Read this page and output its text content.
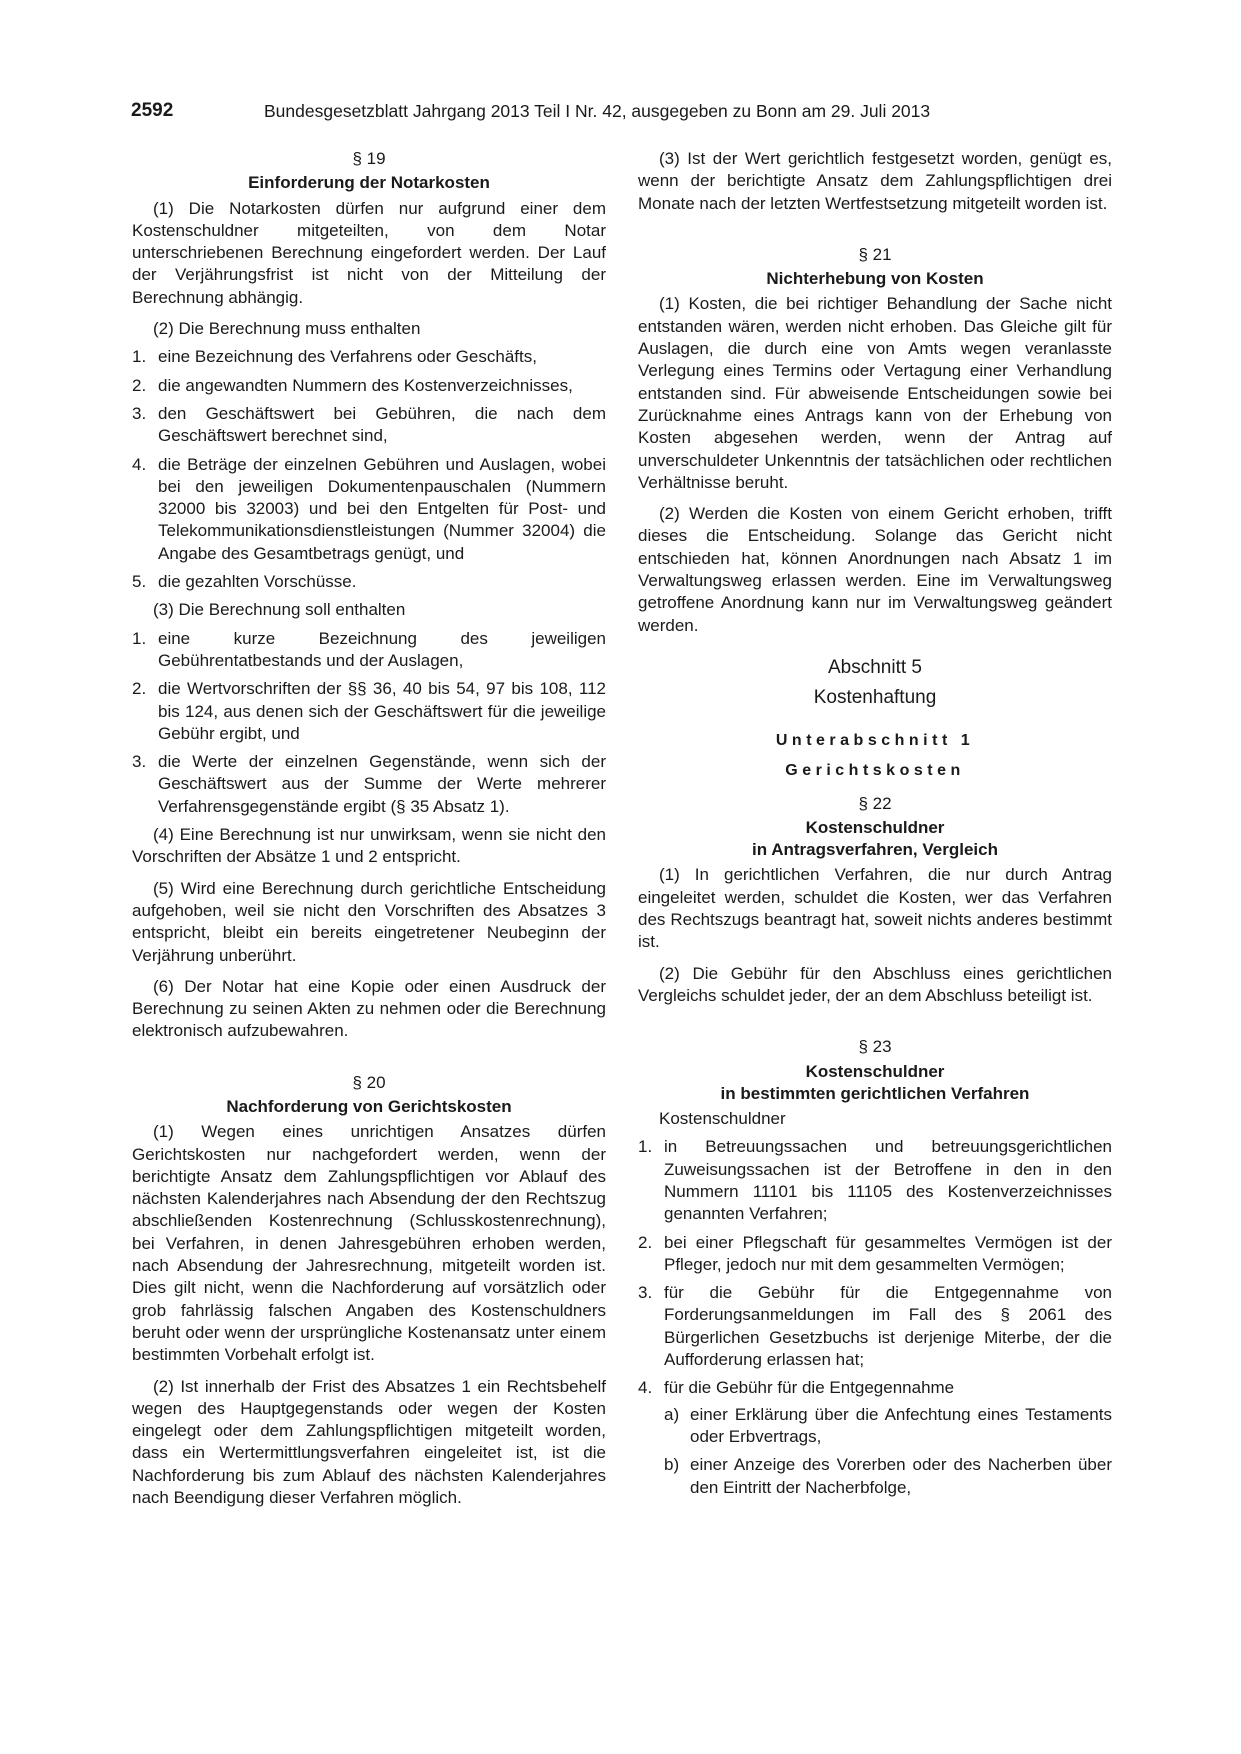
2592	Bundesgesetzblatt Jahrgang 2013 Teil I Nr. 42, ausgegeben zu Bonn am 29. Juli 2013

§ 19

Einforderung der Notarkosten

(1) Die Notarkosten dürfen nur aufgrund einer dem Kostenschuldner mitgeteilten, von dem Notar unterschriebenen Berechnung eingefordert werden. Der Lauf der Verjährungsfrist ist nicht von der Mitteilung der Berechnung abhängig.

(2) Die Berechnung muss enthalten

1. eine Bezeichnung des Verfahrens oder Geschäfts,
2. die angewandten Nummern des Kostenverzeichnisses,
3. den Geschäftswert bei Gebühren, die nach dem Geschäftswert berechnet sind,
4. die Beträge der einzelnen Gebühren und Auslagen, wobei bei den jeweiligen Dokumentenpauschalen (Nummern 32000 bis 32003) und bei den Entgelten für Post- und Telekommunikationsdienstleistungen (Nummer 32004) die Angabe des Gesamtbetrags genügt, und
5. die gezahlten Vorschüsse.

(3) Die Berechnung soll enthalten

1. eine kurze Bezeichnung des jeweiligen Gebührentatbestands und der Auslagen,
2. die Wertvorschriften der §§ 36, 40 bis 54, 97 bis 108, 112 bis 124, aus denen sich der Geschäftswert für die jeweilige Gebühr ergibt, und
3. die Werte der einzelnen Gegenstände, wenn sich der Geschäftswert aus der Summe der Werte mehrerer Verfahrensgegenstände ergibt (§ 35 Absatz 1).

(4) Eine Berechnung ist nur unwirksam, wenn sie nicht den Vorschriften der Absätze 1 und 2 entspricht.

(5) Wird eine Berechnung durch gerichtliche Entscheidung aufgehoben, weil sie nicht den Vorschriften des Absatzes 3 entspricht, bleibt ein bereits eingetretener Neubeginn der Verjährung unberührt.

(6) Der Notar hat eine Kopie oder einen Ausdruck der Berechnung zu seinen Akten zu nehmen oder die Berechnung elektronisch aufzubewahren.

§ 20

Nachforderung von Gerichtskosten

(1) Wegen eines unrichtigen Ansatzes dürfen Gerichtskosten nur nachgefordert werden, wenn der berichtigte Ansatz dem Zahlungspflichtigen vor Ablauf des nächsten Kalenderjahres nach Absendung der den Rechtszug abschließenden Kostenrechnung (Schlusskostenrechnung), bei Verfahren, in denen Jahresgebühren erhoben werden, nach Absendung der Jahresrechnung, mitgeteilt worden ist. Dies gilt nicht, wenn die Nachforderung auf vorsätzlich oder grob fahrlässig falschen Angaben des Kostenschuldners beruht oder wenn der ursprüngliche Kostenansatz unter einem bestimmten Vorbehalt erfolgt ist.

(2) Ist innerhalb der Frist des Absatzes 1 ein Rechtsbehelf wegen des Hauptgegenstands oder wegen der Kosten eingelegt oder dem Zahlungspflichtigen mitgeteilt worden, dass ein Wertermittlungsverfahren eingeleitet ist, ist die Nachforderung bis zum Ablauf des nächsten Kalenderjahres nach Beendigung dieser Verfahren möglich.

(3) Ist der Wert gerichtlich festgesetzt worden, genügt es, wenn der berichtigte Ansatz dem Zahlungspflichtigen drei Monate nach der letzten Wertfestsetzung mitgeteilt worden ist.

§ 21

Nichterhebung von Kosten

(1) Kosten, die bei richtiger Behandlung der Sache nicht entstanden wären, werden nicht erhoben. Das Gleiche gilt für Auslagen, die durch eine von Amts wegen veranlasste Verlegung eines Termins oder Vertagung einer Verhandlung entstanden sind. Für abweisende Entscheidungen sowie bei Zurücknahme eines Antrags kann von der Erhebung von Kosten abgesehen werden, wenn der Antrag auf unverschuldeter Unkenntnis der tatsächlichen oder rechtlichen Verhältnisse beruht.

(2) Werden die Kosten von einem Gericht erhoben, trifft dieses die Entscheidung. Solange das Gericht nicht entschieden hat, können Anordnungen nach Absatz 1 im Verwaltungsweg erlassen werden. Eine im Verwaltungsweg getroffene Anordnung kann nur im Verwaltungsweg geändert werden.

Abschnitt 5

Kostenhaftung

Unterabschnitt 1

Gerichtskosten

§ 22

Kostenschuldner

in Antragsverfahren, Vergleich

(1) In gerichtlichen Verfahren, die nur durch Antrag eingeleitet werden, schuldet die Kosten, wer das Verfahren des Rechtszugs beantragt hat, soweit nichts anderes bestimmt ist.

(2) Die Gebühr für den Abschluss eines gerichtlichen Vergleichs schuldet jeder, der an dem Abschluss beteiligt ist.

§ 23

Kostenschuldner

in bestimmten gerichtlichen Verfahren

Kostenschuldner

1. in Betreuungssachen und betreuungsgerichtlichen Zuweisungssachen ist der Betroffene in den in den Nummern 11101 bis 11105 des Kostenverzeichnisses genannten Verfahren;
2. bei einer Pflegschaft für gesammeltes Vermögen ist der Pfleger, jedoch nur mit dem gesammelten Vermögen;
3. für die Gebühr für die Entgegennahme von Forderungsanmeldungen im Fall des § 2061 des Bürgerlichen Gesetzbuchs ist derjenige Miterbe, der die Aufforderung erlassen hat;
4. für die Gebühr für die Entgegennahme
a) einer Erklärung über die Anfechtung eines Testaments oder Erbvertrags,
b) einer Anzeige des Vorerben oder des Nacherben über den Eintritt der Nacherbfolge,
